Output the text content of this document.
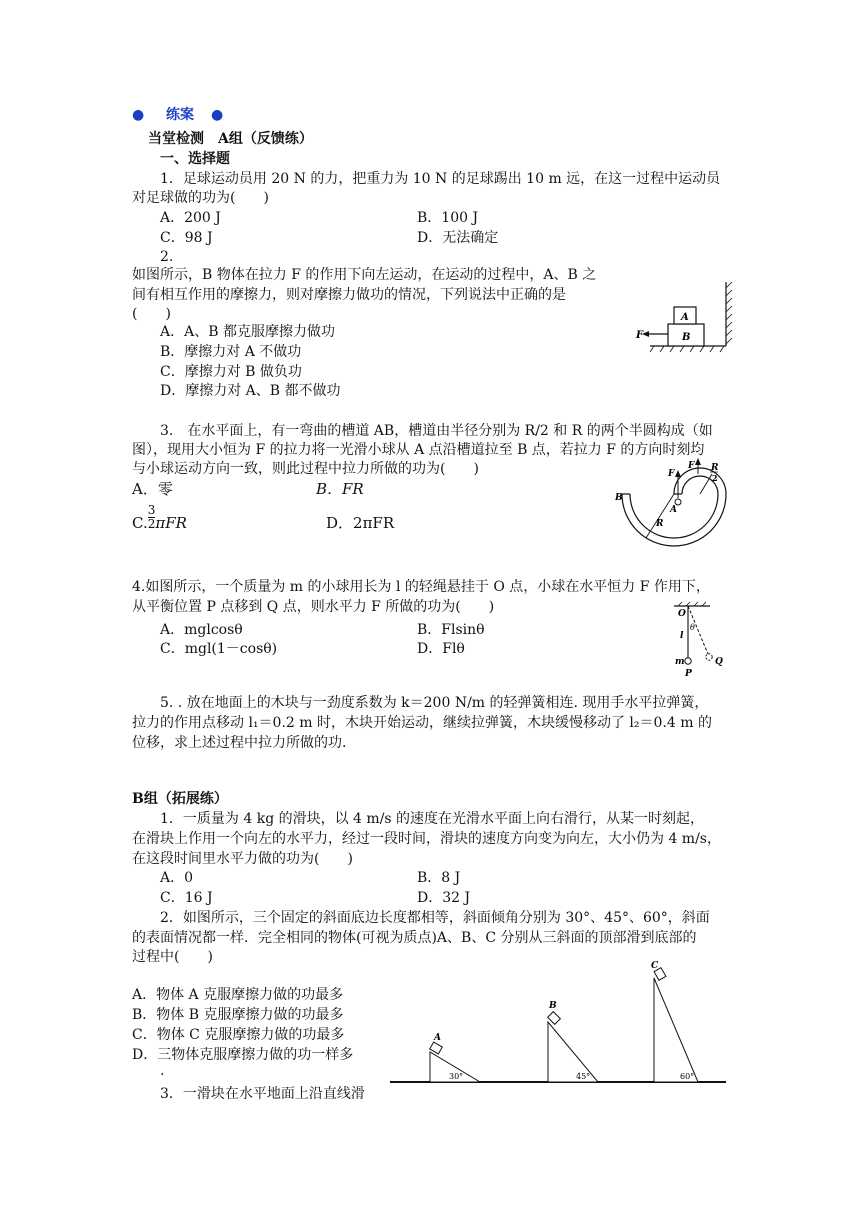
● 练案 ●
当堂检测　A组（反馈练）
一、选择题
1．足球运动员用 20 N 的力，把重力为 10 N 的足球踢出 10 m 远，在这一过程中运动员
对足球做的功为(　　)
A．200 J	B．100 J
C．98 J	D．无法确定
2.
如图所示，B 物体在拉力 F 的作用下向左运动，在运动的过程中，A、B 之
间有相互作用的摩擦力，则对摩擦力做功的情况，下列说法中正确的是
(　　)
A．A、B 都克服摩擦力做功
B．摩擦力对 A 不做功
C．摩擦力对 B 做负功
D．摩擦力对 A、B 都不做功
A
B
F
3.　在水平面上，有一弯曲的槽道 AB，槽道由半径分别为 R/2 和 R 的两个半圆构成（如
图），现用大小恒为 F 的拉力将一光滑小球从 A 点沿槽道拉至 B 点，若拉力 F 的方向时刻均
与小球运动方向一致，则此过程中拉力所做的功为(　　)
A．零	B．FR
C. $\frac{3}{2}$ πFR	D．2πFR
F
F
B
A
R
R
2
4.如图所示，一个质量为 m 的小球用长为 l 的轻绳悬挂于 O 点，小球在水平恒力 F 作用下，
从平衡位置 P 点移到 Q 点，则水平力 F 所做的功为(　　)
A．mglcosθ	B．Flsinθ
C．mgl(1－cosθ)	D．Flθ
O
l
θ
m
P
Q
5. . 放在地面上的木块与一劲度系数为 k＝200 N/m 的轻弹簧相连. 现用手水平拉弹簧，
拉力的作用点移动 l₁＝0.2 m 时，木块开始运动，继续拉弹簧，木块缓慢移动了 l₂＝0.4 m 的
位移，求上述过程中拉力所做的功.
B组（拓展练）
1．一质量为 4 kg 的滑块，以 4 m/s 的速度在光滑水平面上向右滑行，从某一时刻起，
在滑块上作用一个向左的水平力，经过一段时间，滑块的速度方向变为向左，大小仍为 4 m/s，
在这段时间里水平力做的功为(　　)
A．0	B．8 J
C．16 J	D．32 J
2．如图所示，三个固定的斜面底边长度都相等，斜面倾角分别为 30°、45°、60°，斜面
的表面情况都一样．完全相同的物体(可视为质点)A、B、C 分别从三斜面的顶部滑到底部的
过程中(　　)
A．物体 A 克服摩擦力做的功最多
B．物体 B 克服摩擦力做的功最多
C．物体 C 克服摩擦力做的功最多
D．三物体克服摩擦力做的功一样多
.
3．一滑块在水平地面上沿直线滑
A
30°
B
45°
C
60°
